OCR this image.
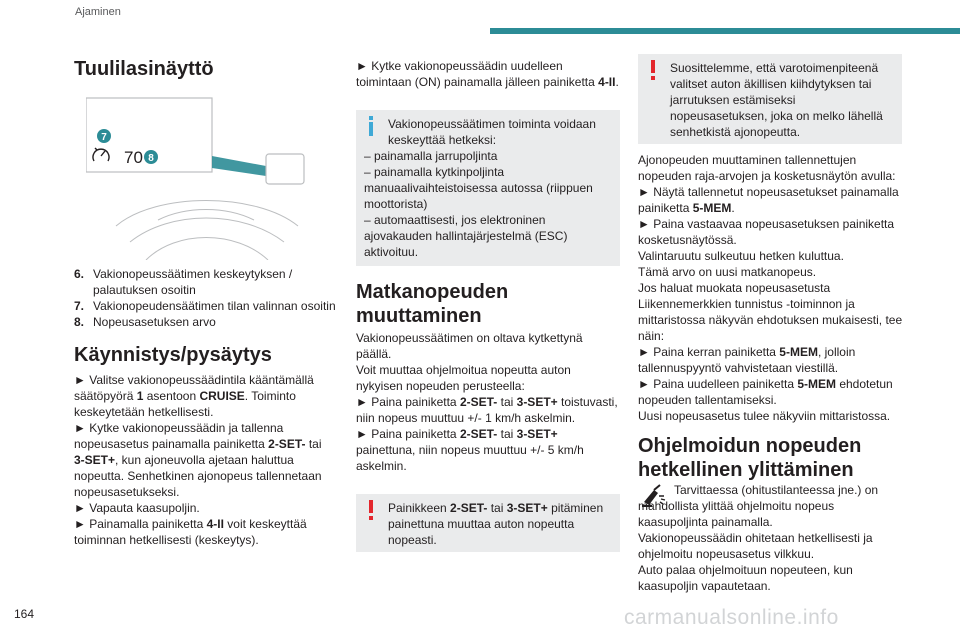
Ajaminen
Tuulilasinäyttö
7
70 8
6. Vakionopeussäätimen keskeytyksen / palautuksen osoitin
7. Vakionopeudensäätimen tilan valinnan osoitin
8. Nopeusasetuksen arvo
Käynnistys/pysäytys

► Valitse vakionopeussäädintila kääntämällä säätöpyörä 1 asentoon CRUISE. Toiminto keskeytetään hetkellisesti.

► Kytke vakionopeussäädin ja tallenna nopeusasetus painamalla painiketta 2-SET- tai 3-SET+, kun ajoneuvolla ajetaan haluttua nopeutta. Senhetkinen ajonopeus tallennetaan nopeusasetukseksi.

► Vapauta kaasupoljin.

► Painamalla painiketta 4-II voit keskeyttää toiminnan hetkellisesti (keskeytys).

► Kytke vakionopeussäädin uudelleen toimintaan (ON) painamalla jälleen painiketta 4-II.

Vakionopeussäätimen toiminta voidaan keskeyttää hetkeksi:
– painamalla jarrupoljinta
– painamalla kytkinpoljinta manuaalivaihteistoisessa autossa (riippuen moottorista)
– automaattisesti, jos elektroninen ajovakauden hallintajärjestelmä (ESC) aktivoituu.
Matkanopeuden muuttaminen

Vakionopeussäätimen on oltava kytkettynä päällä.

Voit muuttaa ohjelmoitua nopeutta auton nykyisen nopeuden perusteella:

► Paina painiketta 2-SET- tai 3-SET+ toistuvasti, niin nopeus muuttuu +/- 1 km/h askelmin.

► Paina painiketta 2-SET- tai 3-SET+ painettuna, niin nopeus muuttuu +/- 5 km/h askelmin.

Painikkeen 2-SET- tai 3-SET+ pitäminen painettuna muuttaa auton nopeutta nopeasti.
Suosittelemme, että varotoimenpiteenä valitset auton äkillisen kiihdytyksen tai jarrutuksen estämiseksi nopeusasetuksen, joka on melko lähellä senhetkistä ajonopeutta.

Ajonopeuden muuttaminen tallennettujen nopeuden raja-arvojen ja kosketusnäytön avulla:

► Näytä tallennetut nopeusasetukset painamalla painiketta 5-MEM.

► Paina vastaavaa nopeusasetuksen painiketta kosketusnäytössä.

Valintaruutu sulkeutuu hetken kuluttua.

Tämä arvo on uusi matkanopeus.

Jos haluat muokata nopeusasetusta Liikennemerkkien tunnistus -toiminnon ja mittaristossa näkyvän ehdotuksen mukaisesti, tee näin:

► Paina kerran painiketta 5-MEM, jolloin tallennuspyyntö vahvistetaan viestillä.

► Paina uudelleen painiketta 5-MEM ehdotetun nopeuden tallentamiseksi.

Uusi nopeusasetus tulee näkyviin mittaristossa.

Ohjelmoidun nopeuden hetkellinen ylittäminen

Tarvittaessa (ohitustilanteessa jne.) on mahdollista ylittää ohjelmoitu nopeus kaasupoljinta painamalla.

Vakionopeussäädin ohitetaan hetkellisesti ja ohjelmoitu nopeusasetus vilkkuu.

Auto palaa ohjelmoituun nopeuteen, kun kaasupoljin vapautetaan.

164	carmanualsonline.info
